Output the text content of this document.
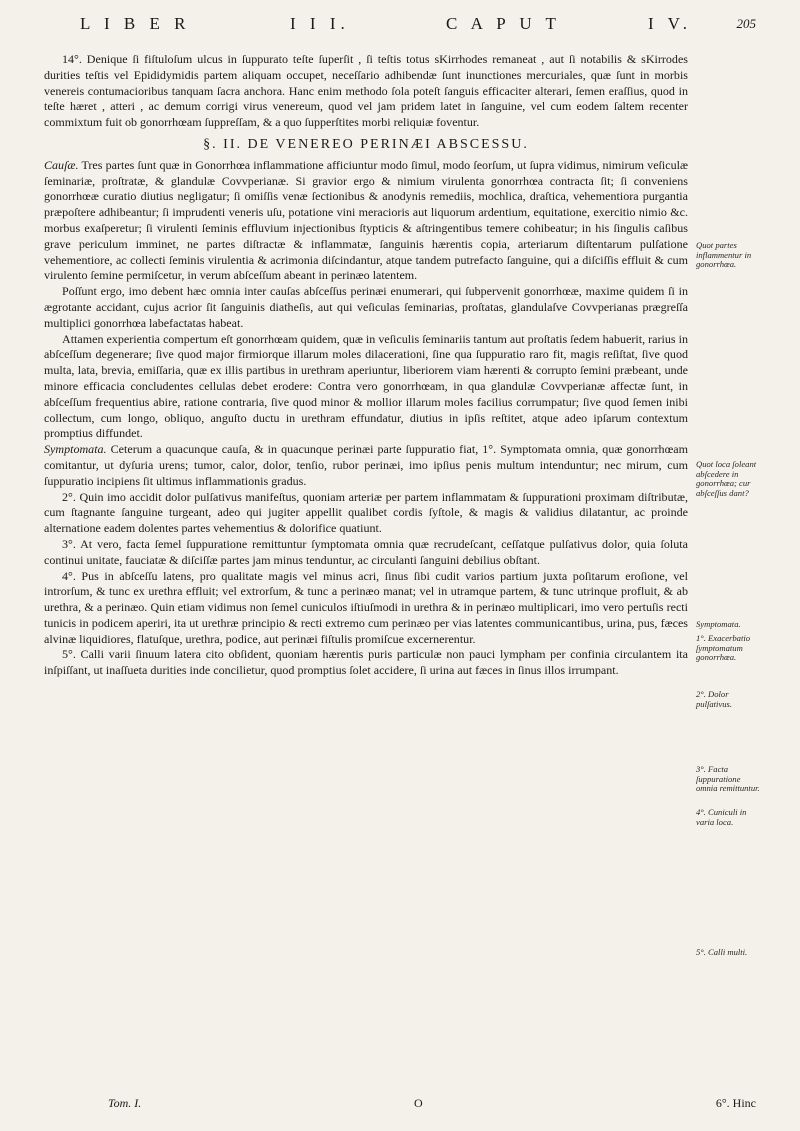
L I B E R	I I I.	C A P U T	I V.	205

14°. Denique ſi fiſtuloſum ulcus in ſuppurato teſte ſuperſit , ſi teſtis totus sKirrhodes remaneat , aut ſi notabilis & sKirrodes durities teſtis vel Epididymidis partem aliquam occupet, neceſſario adhibendæ ſunt inunctiones mercuriales, quæ ſunt in morbis venereis contumacioribus tanquam ſacra anchora. Hanc enim methodo ſola poteſt ſanguis efficaciter alterari, ſemen eraſſius, quod in teſte hæret , atteri , ac demum corrigi virus venereum, quod vel jam pridem latet in ſanguine, vel cum eodem ſaltem recenter commixtum fuit ob gonorrhœam ſuppreſſam, & a quo ſupperſtites morbi reliquiæ foventur.

§. II. DE VENEREO PERINÆI ABSCESSU.

Cauſæ. Tres partes ſunt quæ in Gonorrhœa inflammatione afficiuntur modo ſimul, modo ſeorſum, ut ſupra vidimus, nimirum veſiculæ ſeminariæ, proſtratæ, & glandulæ Covvperianæ. Si gravior ergo & nimium virulenta gonorrhœa contracta ſit; ſi conveniens gonorrhœæ curatio diutius negligatur; ſi omiſſis venæ ſectionibus & anodynis remediis, mochlica, draſtica, vehementiora purgantia præpoſtere adhibeantur; ſi imprudenti veneris uſu, potatione vini meracioris aut liquorum ardentium, equitatione, exercitio nimio &c. morbus exaſperetur; ſi virulenti ſeminis effluvium injectionibus ſtypticis & aſtringentibus temere cohibeatur; in his ſingulis caſibus grave periculum imminet, ne partes diſtractæ & inflammatæ, ſanguinis hærentis copia, arteriarum diſtentarum pulſatione vehementiore, ac collecti ſeminis virulentia & acrimonia diſcindantur, atque tandem putrefacto ſanguine, qui a diſciſſis effluit & cum virulento ſemine permiſcetur, in verum abſceſſum abeant in perinæo latentem.

Poſſunt ergo, imo debent hæc omnia inter cauſas abſceſſus perinæi enumerari, qui ſubpervenit gonorrhœæ, maxime quidem ſi in ægrotante accidant, cujus acrior ſit ſanguinis diatheſis, aut qui veſiculas ſeminarias, proſtatas, glandulaſve Covvperianas prægreſſa multiplici gonorrhœa labefactatas habeat.

Attamen experientia compertum eſt gonorrhœam quidem, quæ in veſiculis ſeminariis tantum aut proſtatis ſedem habuerit, rarius in abſceſſum degenerare; ſive quod major firmiorque illarum moles dilacerationi, ſine qua ſuppuratio raro fit, magis reſiſtat, ſive quod multa, lata, brevia, emiſſaria, quæ ex illis partibus in urethram aperiuntur, liberiorem viam hærenti & corrupto ſemini præbeant, unde minore efficacia concludentes cellulas debet erodere: Contra vero gonorrhœam, in qua glandulæ Covvperianæ affectæ ſunt, in abſceſſum frequentius abire, ratione contraria, ſive quod minor & mollior illarum moles facilius corrumpatur; ſive quod ſemen inibi collectum, cum longo, obliquo, anguſto ductu in urethram effundatur, diutius in ipſis reſtitet, atque adeo ipſarum contextum promptius diffundet.

Symptomata. Ceterum a quacunque cauſa, & in quacunque perinæi parte ſuppuratio fiat, 1°. Symptomata omnia, quæ gonorrhœam comitantur, ut dyſuria urens; tumor, calor, dolor, tenſio, rubor perinæi, imo ipſius penis multum intenduntur; nec mirum, cum ſuppuratio incipiens ſit ultimus inflammationis gradus.

2°. Quin imo accidit dolor pulſativus manifeſtus, quoniam arteriæ per partem inflammatam & ſuppurationi proximam diſtributæ, cum ſtagnante ſanguine turgeant, adeo qui jugiter appellit qualibet cordis ſyſtole, & magis & validius dilatantur, ac proinde alternatione eadem dolentes partes vehementius & dolorifice quatiunt.

3°. At vero, facta ſemel ſuppuratione remittuntur ſymptomata omnia quæ recrudeſcant, ceſſatque pulſativus dolor, quia ſoluta continui unitate, fauciatæ & diſciſſæ partes jam minus tenduntur, ac circulanti ſanguini debilius obſtant.

4°. Pus in abſceſſu latens, pro qualitate magis vel minus acri, ſinus ſibi cudit varios partium juxta poſitarum eroſione, vel introrſum, & tunc ex urethra effluit; vel extrorſum, & tunc a perinæo manat; vel in utramque partem, & tunc utrinque profluit, & ab urethra, & a perinæo. Quin etiam vidimus non ſemel cuniculos iſtiuſmodi in urethra & in perinæo multiplicari, imo vero pertuſis recti tunicis in podicem aperiri, ita ut urethræ principio & recti extremo cum perinæo per vias latentes communicantibus, urina, pus, fæces alvinæ liquidiores, flatuſque, urethra, podice, aut perinæi fiſtulis promiſcue excernerentur.

5°. Calli varii ſinuum latera cito obſident, quoniam hærentis puris particulæ non pauci lympham per confinia circulantem ita inſpiſſant, ut inaſſueta durities inde concilietur, quod promptius ſolet accidere, ſi urina aut fæces in ſinus illos irrumpant.

Quot partes inflammentur in gonorrhœa.
Quot loca ſoleant abſcedere in gonorrhœa; cur abſceſſus dant?
Symptomata.
1°. Exacerbatio ſymptomatum gonorrhœa.
2°. Dolor pulſativus.
3°. Facta ſuppuratione omnia remittuntur.
4°. Cuniculi in varia loca.
5°. Calli multi.
Tom. I.	O	6°. Hinc
